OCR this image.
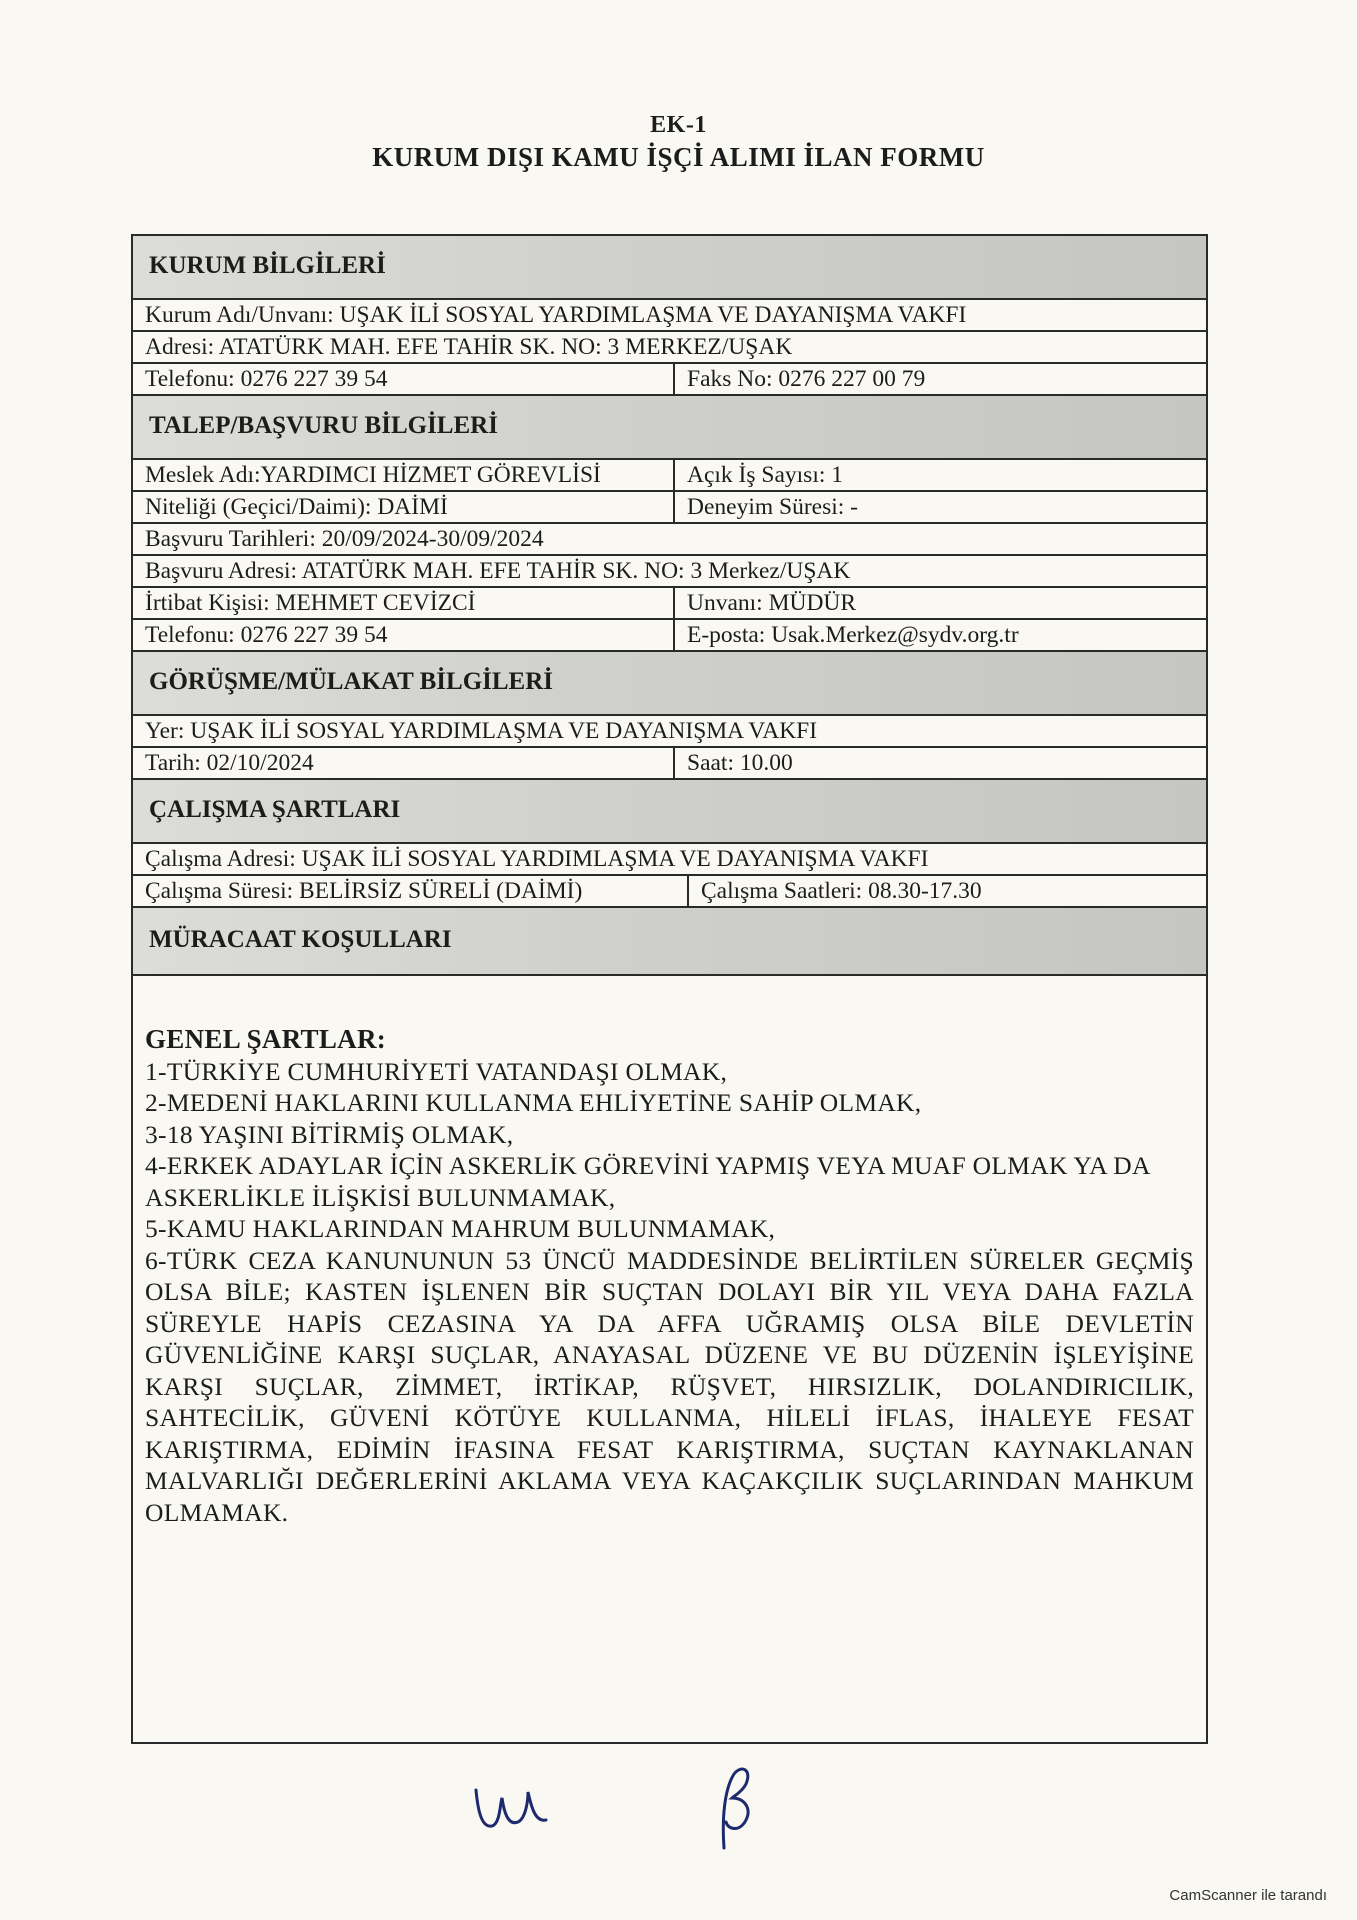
EK-1
KURUM DIŞI KAMU İŞÇİ ALIMI İLAN FORMU
KURUM BİLGİLERİ
Kurum Adı/Unvanı: UŞAK İLİ SOSYAL YARDIMLAŞMA VE DAYANIŞMA VAKFI
Adresi: ATATÜRK MAH. EFE TAHİR SK. NO: 3 MERKEZ/UŞAK
Telefonu: 0276 227 39 54	Faks No: 0276 227 00 79
TALEP/BAŞVURU BİLGİLERİ
Meslek Adı:YARDIMCI HİZMET GÖREVLİSİ	Açık İş Sayısı: 1
Niteliği (Geçici/Daimi): DAİMİ	Deneyim Süresi: -
Başvuru Tarihleri: 20/09/2024-30/09/2024
Başvuru Adresi: ATATÜRK MAH. EFE TAHİR SK. NO: 3 Merkez/UŞAK
İrtibat Kişisi: MEHMET CEVİZCİ	Unvanı: MÜDÜR
Telefonu: 0276 227 39 54	E-posta: Usak.Merkez@sydv.org.tr
GÖRÜŞME/MÜLAKAT BİLGİLERİ
Yer: UŞAK İLİ SOSYAL YARDIMLAŞMA VE DAYANIŞMA VAKFI
Tarih: 02/10/2024	Saat: 10.00
ÇALIŞMA ŞARTLARI
Çalışma Adresi: UŞAK İLİ SOSYAL YARDIMLAŞMA VE DAYANIŞMA VAKFI
Çalışma Süresi: BELİRSİZ SÜRELİ (DAİMİ)	Çalışma Saatleri: 08.30-17.30
MÜRACAAT KOŞULLARI
GENEL ŞARTLAR:

1-TÜRKİYE CUMHURİYETİ VATANDAŞI OLMAK,

2-MEDENİ HAKLARINI KULLANMA EHLİYETİNE SAHİP OLMAK,

3-18 YAŞINI BİTİRMİŞ OLMAK,

4-ERKEK ADAYLAR İÇİN ASKERLİK GÖREVİNİ YAPMIŞ VEYA MUAF OLMAK YA DA ASKERLİKLE İLİŞKİSİ BULUNMAMAK,

5-KAMU HAKLARINDAN MAHRUM BULUNMAMAK,

6-TÜRK CEZA KANUNUNUN 53 ÜNCÜ MADDESİNDE BELİRTİLEN SÜRELER GEÇMİŞ OLSA BİLE; KASTEN İŞLENEN BİR SUÇTAN DOLAYI BİR YIL VEYA DAHA FAZLA SÜREYLE HAPİS CEZASINA YA DA AFFA UĞRAMIŞ OLSA BİLE DEVLETİN GÜVENLİĞİNE KARŞI SUÇLAR, ANAYASAL DÜZENE VE BU DÜZENİN İŞLEYİŞİNE KARŞI SUÇLAR, ZİMMET, İRTİKAP, RÜŞVET, HIRSIZLIK, DOLANDIRICILIK, SAHTECİLİK, GÜVENİ KÖTÜYE KULLANMA, HİLELİ İFLAS, İHALEYE FESAT KARIŞTIRMA, EDİMİN İFASINA FESAT KARIŞTIRMA, SUÇTAN KAYNAKLANAN MALVARLIĞI DEĞERLERİNİ AKLAMA VEYA KAÇAKÇILIK SUÇLARINDAN MAHKUM OLMAMAK.

CamScanner ile tarandı
